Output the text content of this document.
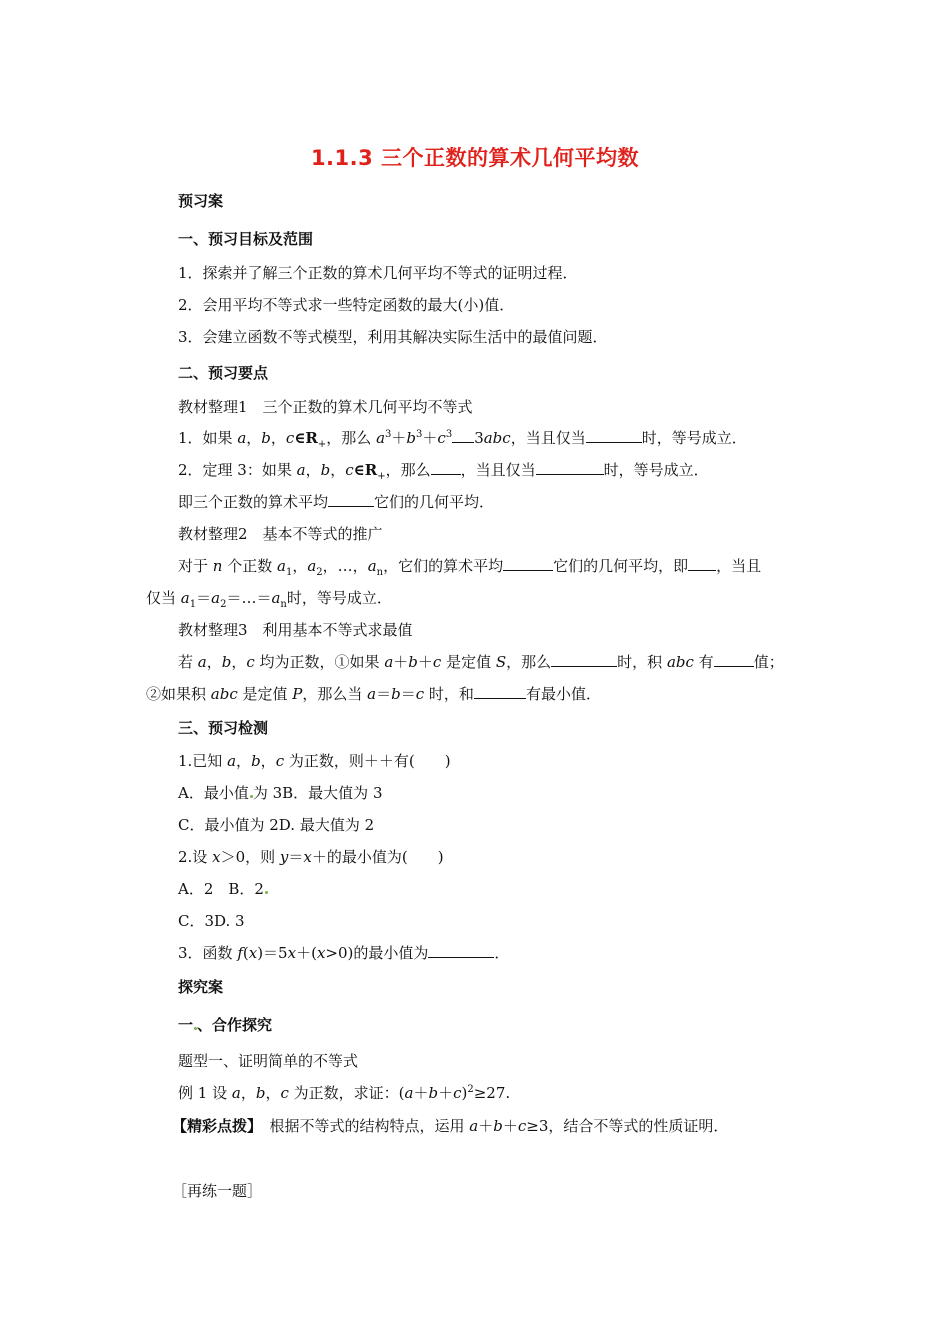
1.1.3 三个正数的算术几何平均数
预习案
一、预习目标及范围
1．探索并了解三个正数的算术几何平均不等式的证明过程．
2．会用平均不等式求一些特定函数的最大(小)值．
3．会建立函数不等式模型，利用其解决实际生活中的最值问题．
二、预习要点
教材整理1　三个正数的算术几何平均不等式
1．如果 a，b，$c\in R_+$，那么 $a^3+b^3+c^3$ 3abc，当且仅当	时，等号成立．
2．定理 3：如果 a，b，$c\in R_+$，那么 ，当且仅当	时，等号成立．
即三个正数的算术平均	它们的几何平均．
教材整理2　基本不等式的推广
对于 n 个正数 $a_1$，$a_2$，…，$a_n$，它们的算术平均	它们的几何平均，即 ，当且
仅当 $a_1=a_2=\dots=a_n$时，等号成立．
教材整理3　利用基本不等式求最值
若 a，b，c 均为正数，①如果 a＋b＋c 是定值 S，那么	时，积 abc 有	值；
②如果积 abc 是定值 P，那么当 a＝b＝c 时，和	有最小值．
三、预习检测
1.已知 a，b，c 为正数，则＋＋有(　　)
A．最小值 为 3B．最大值为 3
C．最小值为 2D. 最大值为 2
2.设 x＞0，则 y＝x＋的最小值为(　　)
A．2　B．2
C．3D. 3
3．函数 f(x)＝5x＋(x>0)的最小值为	．
探究案
一 、合作探究
题型一、证明简单的不等式
例 1 设 a，b，c 为正数，求证：$(a+b+c)^2\ge 27$.
【精彩点拨】　根据不等式的结构特点，运用 a＋b＋c≥3，结合不等式的性质证明．
［再练一题］
